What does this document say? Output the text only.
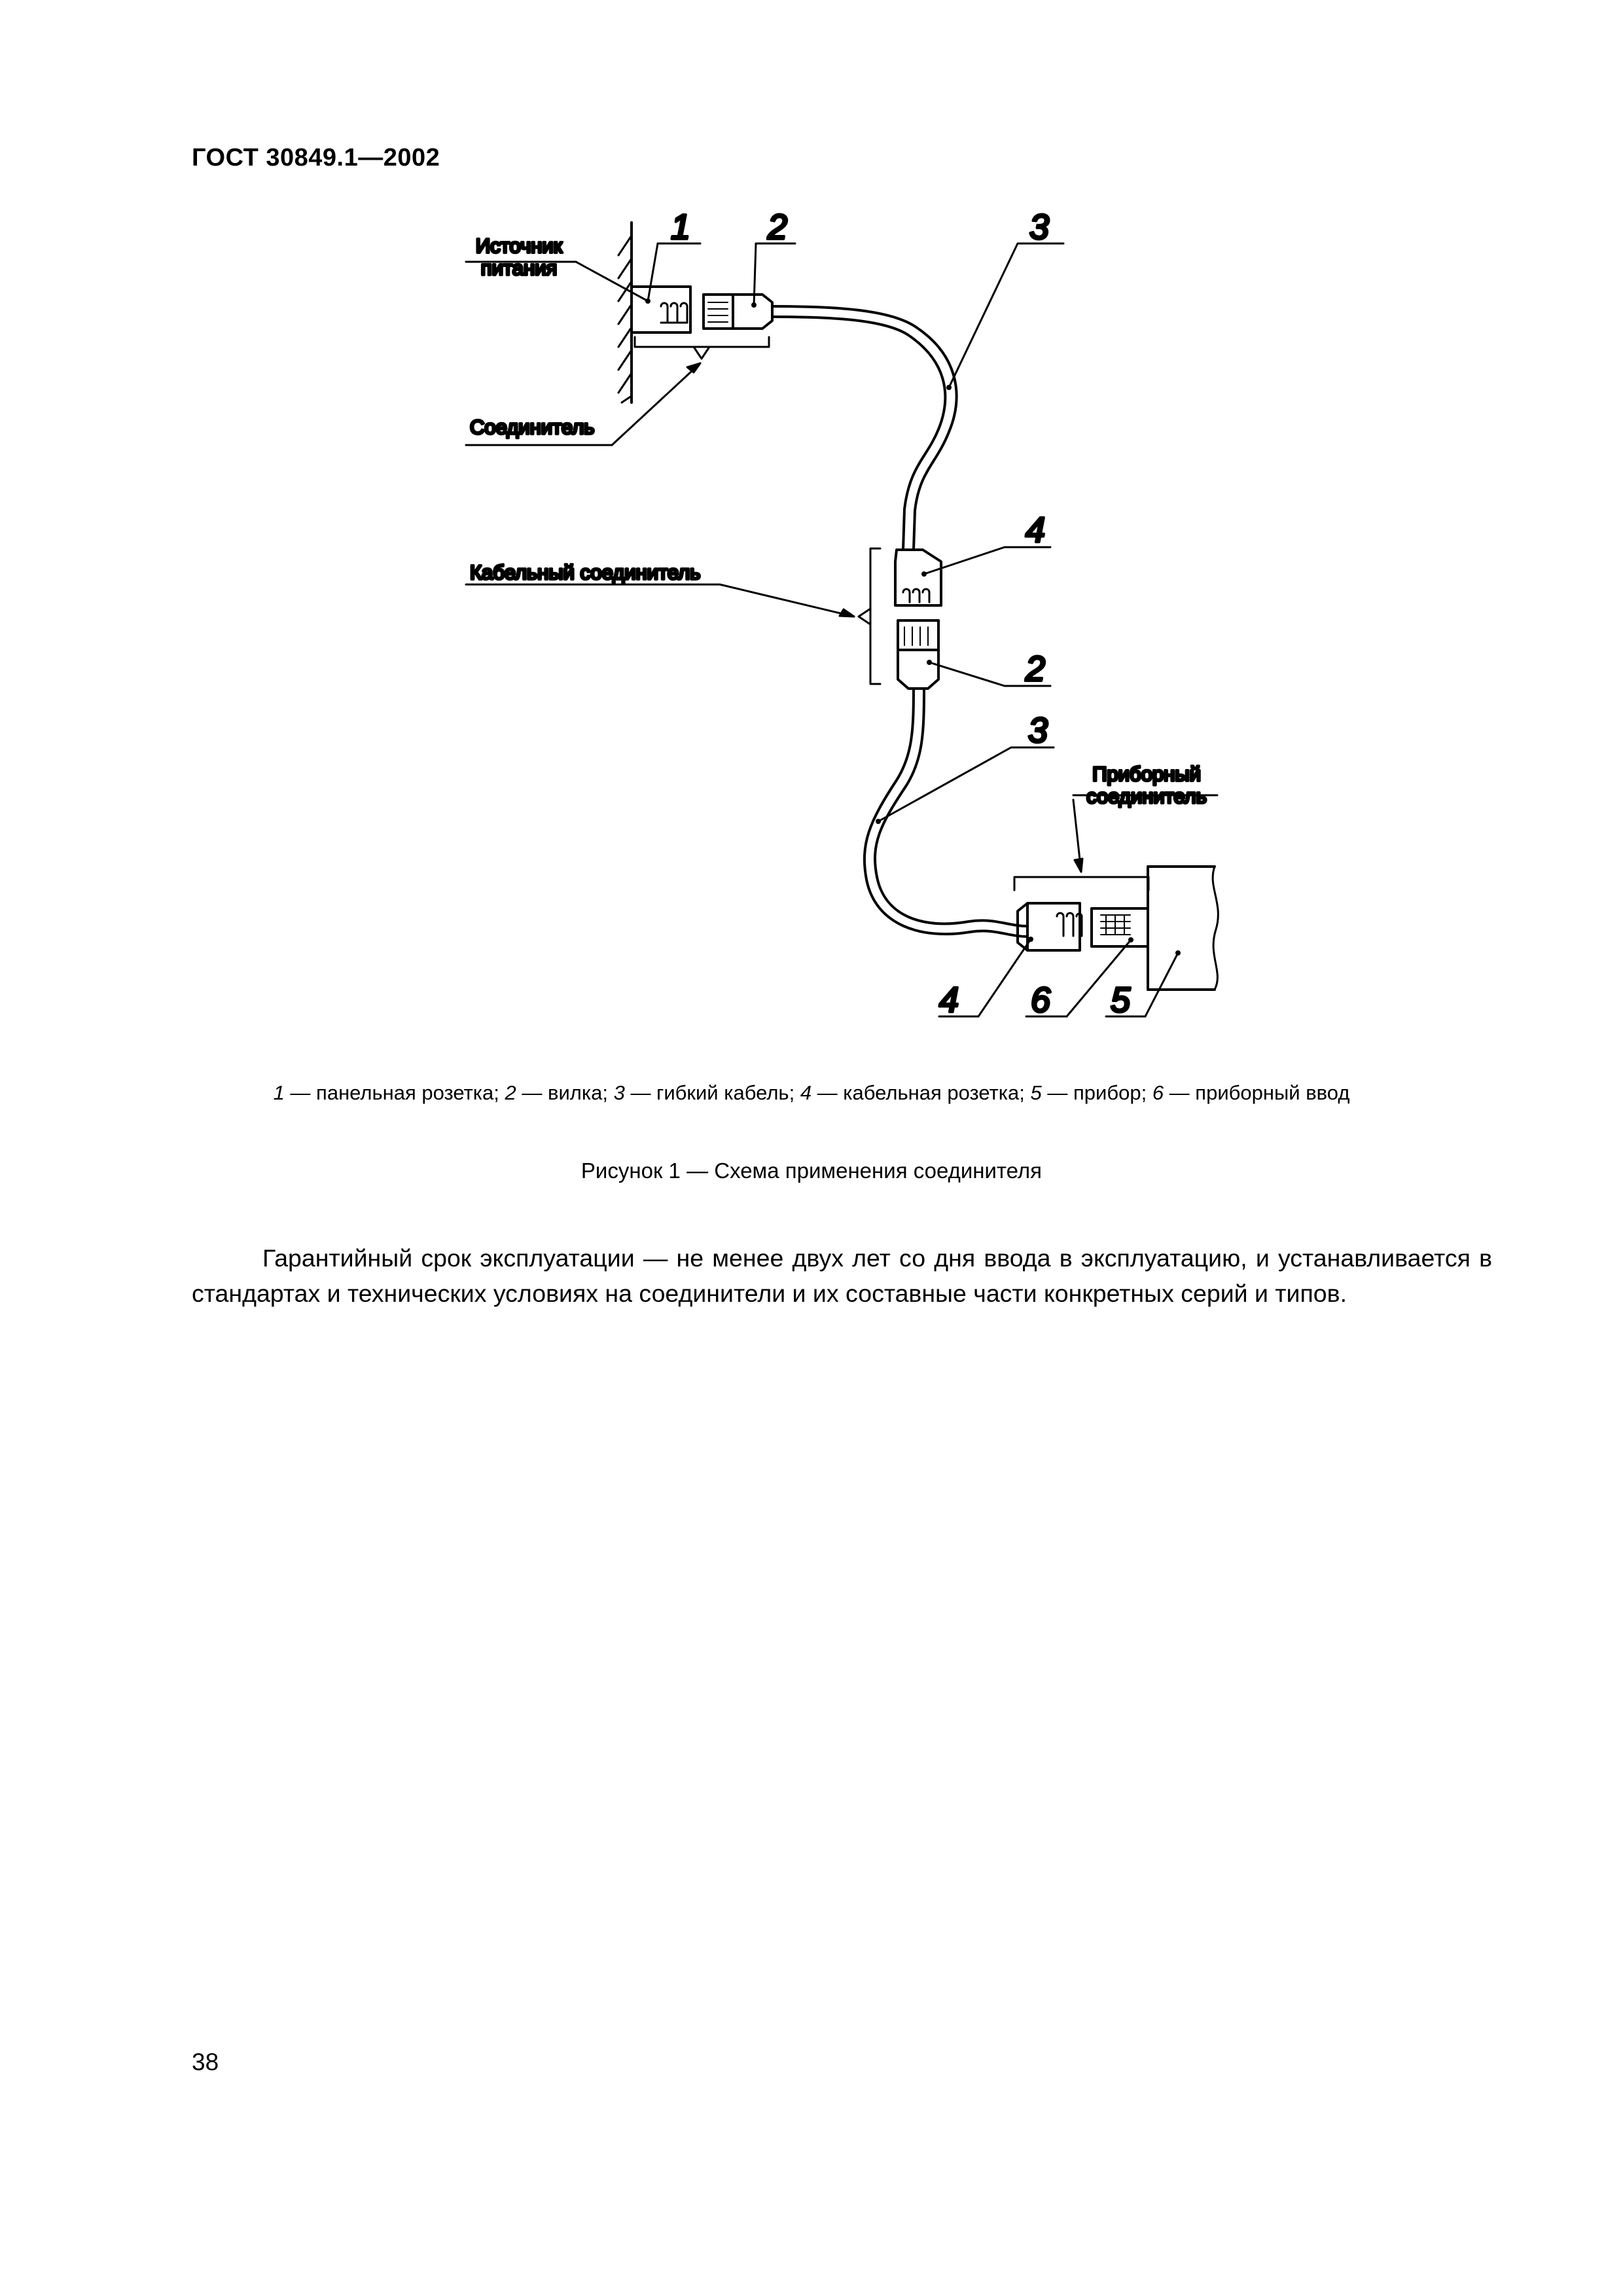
ГОСТ 30849.1—2002
Источник
питания
Соединитель
Кабельный соединитель
Приборный
соединитель
1 2	3
4
2
3
4 6 5
1 — панельная розетка; 2 — вилка; 3 — гибкий кабель; 4 — кабельная розетка; 5 — прибор; 6 — приборный ввод
Рисунок 1 — Схема применения соединителя

Гарантийный срок эксплуатации — не менее двух лет со дня ввода в эксплуатацию, и устанавливается в стандартах и технических условиях на соединители и их составные части конкретных серий и типов.

38
